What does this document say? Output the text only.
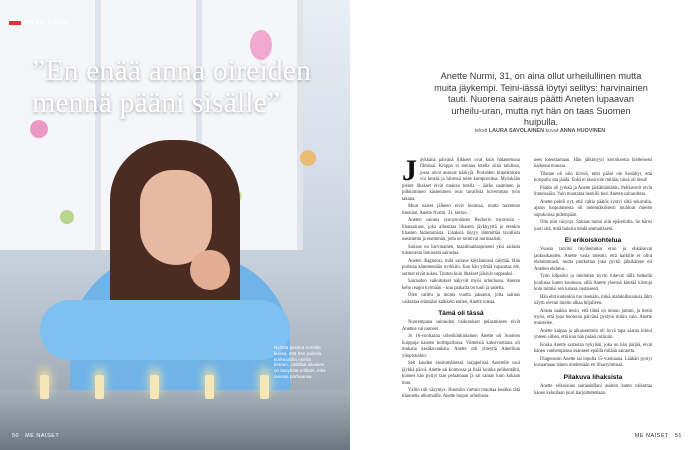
HYVÄ FIILIS
”En enää anna oireiden mennä pääni sisälle”
Nyrkkä päivinä Annette kuvaa, että hän palvelu korkeaisilta mieliin tietoon, väsittää aikaisen on itsnytöitä erillään, eikä ovesse parhaansa.
50 ME NAISET
Anette Nurmi, 31, on aina ollut urheilullinen mutta muita jäykempi. Teini-iässä löytyi selitys: harvinainen tauti. Nuorena sairaus päätti Aneten lupaavan urheilu-uran, mutta nyt hän on taas Suomen huipulla.
teksti LAURA SAVOLAINEN kuvat ANNA HUOVINEN

Jäykkänä päivänä liikkeet ovat kuin hidastetussa filmissä. Kroppa ei meinaa totella siinä tahdissa, jossa aivot antavat käskyjä. Portaiden kiipeäminen voi kestää ja hiiressä tulee kompuroitua. Myöskään pienet lihakset eivät meinaa totella – äärän saaminen ja pilkkominen käsienimen ovat tavallista kovemman työn takana.

Muut naiset jälkeen eivät huomaa, mutta tuntemen itsestäni, Anette Nurmi, 31, kertoo.

Aneten sairaus synnynnäinen Beckerin myotonia -lihassairaus, joka aiheuttaa lihasten jäykkyyttä ja etenkin lihasten hidastumista. Lihaksia täytyy lämmittää tavallista useammin ja enemmän, jotta ne toimivat normaalisti.

Sairaus on harvinainen, maailmanlaajuisesti yksi sadasta tuhannesta ihmisestä sairastaa.

Aneten diagnoosi, mitä sairaus käytännössä näyttää. Hän puristaa kämmentään nyrkkiin. Kun hän yrittää vapauttaa ote, sormet eivät aukea. Tuntuu kuin lihakset jäisivät suppeaksi.

Sairauden vaikutukset näkyvät myös urheilussa. Aneten keho reagoi kylmään – kun paikalla on tuuli ja sadetta.

Olen valittu ja monta vuotta jaksanut, jotta sairaus vaikuttaa elämääni kaikkein eniten, Anette toteaa.

Tämä oli tässä

Nuorempana sairauden vaikutukset pelaamiseen eivät Anettea vaivanneet.

Jo 16-vuotiaana urheilulukiolainen Anette oli Suomen huippuja naisten korttipallossa. Viimeisiä kaksivuotiana oli mukana kesäkuvauksia. Anette otti yhteyttä Amerikan yliopistoihin.

Seit kauden ensimmäisessä sarjapelissä Anettelle osui jäykkä päivä. Anette sai kolmossa ja lisää kuinka pelikentältä, kunnes hän pystyi taas pelaamaan ja sai saman kuin kukaan muu.

Väliin tuli väsymys. Huomiin vartoin muuttaa kesäksi tätä tilannetta ulkomaille. Anette luopui urheilusta.

neet toteuttamaan. Hän jälkimyyri kerroksesta kielteisesti kaikessa muussa.

Tilanne oli niin hirveä, ettei pääni ole kestänyt, että koripallo saa jäädä. Enkä ei tässä tule mitään, tässä oli tässä!

Päätös oli jyrkkä ja Anette järkähtämätön. Pelikaverit eivät ihmeissään. Vain muutama henkilö tiesi Aneten sairaudesta.

Anette pohtii nyt, että valtia päätös syntyi siltä sekavalla, ajatus luopumisesta oli todennäköisesti muhinut mielen sopukoissa pidempään.

Olin niin väsynyt. Sairaus tuntui niin epäreilulta. Se härtsi juuri sitä, mitä halusin tehdä ammatikseni.

Ei erikoiskohtelua

Vuosia tarvitsi myöhemmin eron ja ehkäisevat jaokuukauden. Anette vasta toteutti, että kaikille ei ollut ehdottomasti, mutta pintkottaa joka pyrkii jälkikäteen eli Anetten ehdotus.

Työn kilpailut ja mieluiten hyvin tukevat tällä hetkellä koulussa kuten koulussa, sillä Anette yleensä kiertää kiistoja kuin toimisi sen kanssa vastaisesti.

Hän ehti kuitenkin tuo itsenään, mikä mahdollisuuksia lähti näytti olevan mielin alkaa hiljalleen.

Alusta saakka tiesin, että tämä on minun juttuni, ja tiesin myös, että jopa huonona päivänä pystyin mihin vain. Anette muistelee.

Anette kaipaa ja aikaisemmin oli hyvä tapa saatua kiinni yhteen siihen, että kun hän palasi rutiiniin.

Koska Anette sairastaa nykyään, joka on hän pärjää, eivät hänen vanhempansa osanneet epäillä mitään sairautta.

Diagnoosin Anette sai lopulta 15-vuotiaana. Lääkäri pystyi kuvaamaan hänen mielessään eri lihasryhmissä.

Pilakuva lihaksista

Anette erikoisuus sairaudellani asiaton kuten vaikuttaa hänen kehollaan juuri harjoittelemaan.

ME NAISET 51
